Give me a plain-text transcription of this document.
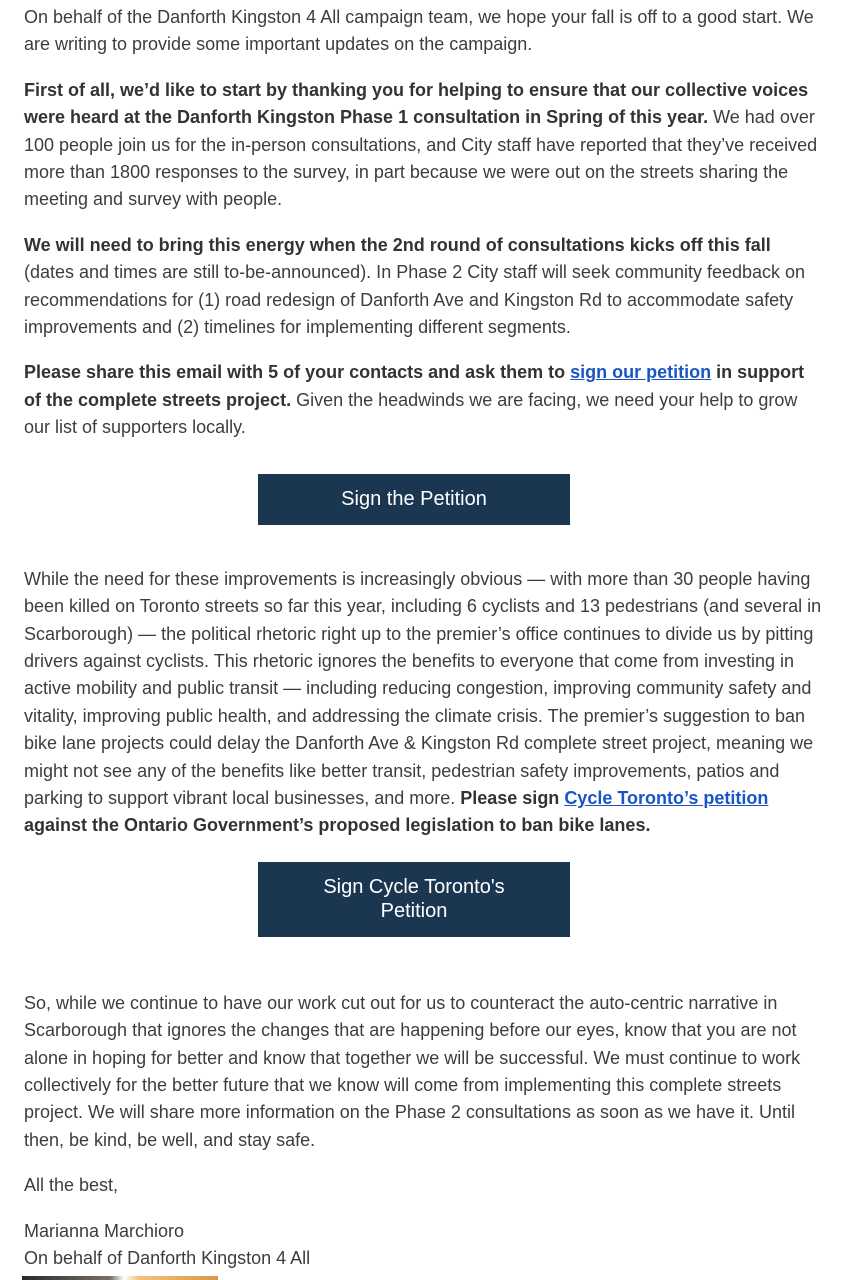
On behalf of the Danforth Kingston 4 All campaign team, we hope your fall is off to a good start. We are writing to provide some important updates on the campaign.

First of all, we’d like to start by thanking you for helping to ensure that our collective voices were heard at the Danforth Kingston Phase 1 consultation in Spring of this year. We had over 100 people join us for the in-person consultations, and City staff have reported that they’ve received more than 1800 responses to the survey, in part because we were out on the streets sharing the meeting and survey with people.

We will need to bring this energy when the 2nd round of consultations kicks off this fall (dates and times are still to-be-announced). In Phase 2 City staff will seek community feedback on recommendations for (1) road redesign of Danforth Ave and Kingston Rd to accommodate safety improvements and (2) timelines for implementing different segments.

Please share this email with 5 of your contacts and ask them to sign our petition in support of the complete streets project. Given the headwinds we are facing, we need your help to grow our list of supporters locally.

Sign the Petition

While the need for these improvements is increasingly obvious — with more than 30 people having been killed on Toronto streets so far this year, including 6 cyclists and 13 pedestrians (and several in Scarborough) — the political rhetoric right up to the premier’s office continues to divide us by pitting drivers against cyclists. This rhetoric ignores the benefits to everyone that come from investing in active mobility and public transit — including reducing congestion, improving community safety and vitality, improving public health, and addressing the climate crisis. The premier’s suggestion to ban bike lane projects could delay the Danforth Ave & Kingston Rd complete street project, meaning we might not see any of the benefits like better transit, pedestrian safety improvements, patios and parking to support vibrant local businesses, and more. Please sign Cycle Toronto’s petition against the Ontario Government’s proposed legislation to ban bike lanes.

Sign Cycle Toronto's
Petition

So, while we continue to have our work cut out for us to counteract the auto-centric narrative in Scarborough that ignores the changes that are happening before our eyes, know that you are not alone in hoping for better and know that together we will be successful. We must continue to work collectively for the better future that we know will come from implementing this complete streets project. We will share more information on the Phase 2 consultations as soon as we have it. Until then, be kind, be well, and stay safe.

All the best,

Marianna Marchioro

On behalf of Danforth Kingston 4 All
